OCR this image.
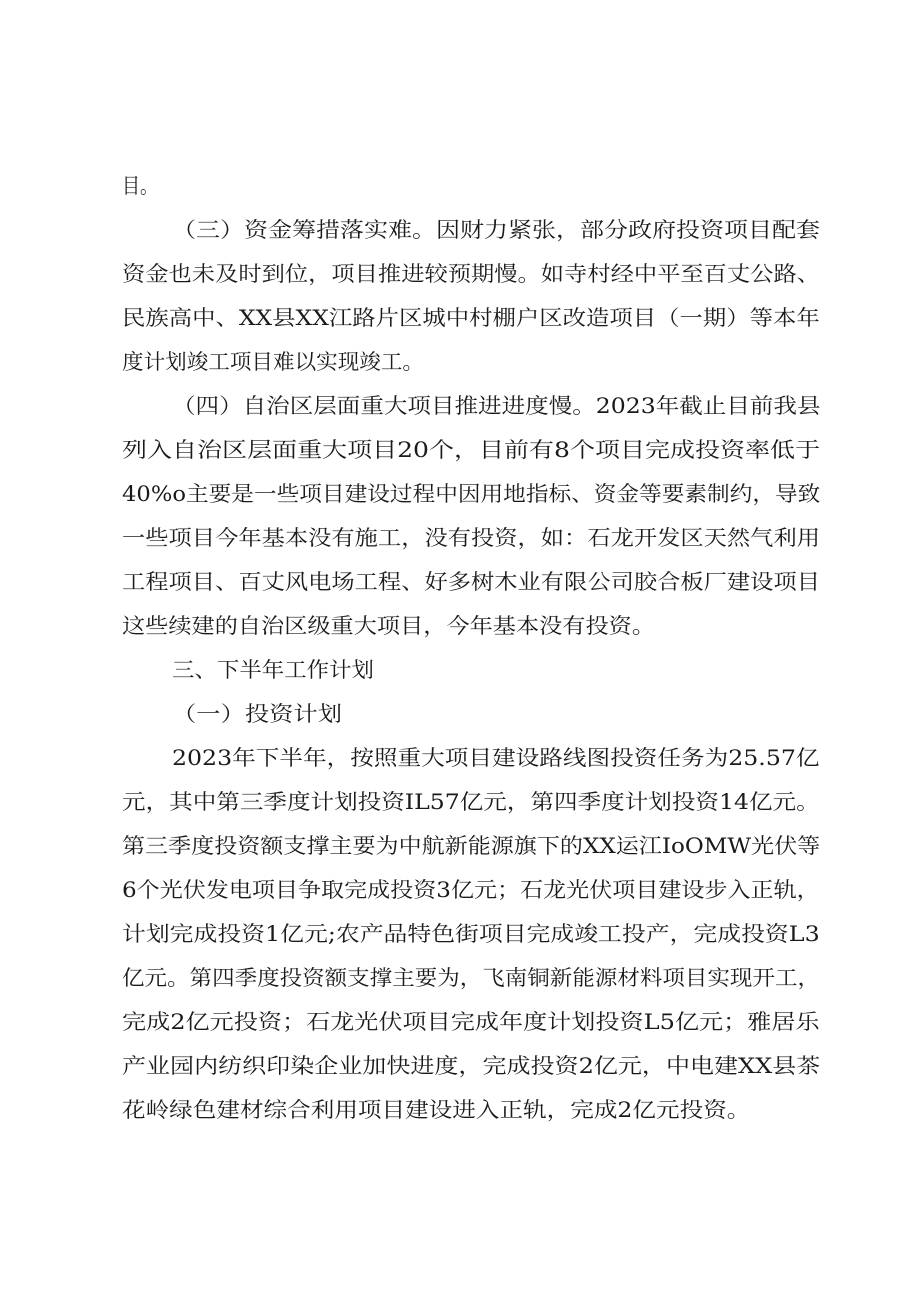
目。
（三）资金筹措落实难。因财力紧张，部分政府投资项目配套
资金也未及时到位，项目推进较预期慢。如寺村经中平至百丈公路、
民族高中、XX县XX江路片区城中村棚户区改造项目（一期）等本年
度计划竣工项目难以实现竣工。
（四）自治区层面重大项目推进进度慢。2023年截止目前我县
列入自治区层面重大项目20个，目前有8个项目完成投资率低于
40%o主要是一些项目建设过程中因用地指标、资金等要素制约，导致
一些项目今年基本没有施工，没有投资，如：石龙开发区天然气利用
工程项目、百丈风电场工程、好多树木业有限公司胶合板厂建设项目
这些续建的自治区级重大项目，今年基本没有投资。
三、下半年工作计划
（一）投资计划
2023年下半年，按照重大项目建设路线图投资任务为25.57亿
元，其中第三季度计划投资IL57亿元，第四季度计划投资14亿元。
第三季度投资额支撑主要为中航新能源旗下的XX运江IoOMW光伏等
6个光伏发电项目争取完成投资3亿元；石龙光伏项目建设步入正轨，
计划完成投资1亿元;农产品特色街项目完成竣工投产，完成投资L3
亿元。第四季度投资额支撑主要为，飞南铜新能源材料项目实现开工，
完成2亿元投资；石龙光伏项目完成年度计划投资L5亿元；雅居乐
产业园内纺织印染企业加快进度，完成投资2亿元，中电建XX县茶
花岭绿色建材综合利用项目建设进入正轨，完成2亿元投资。
